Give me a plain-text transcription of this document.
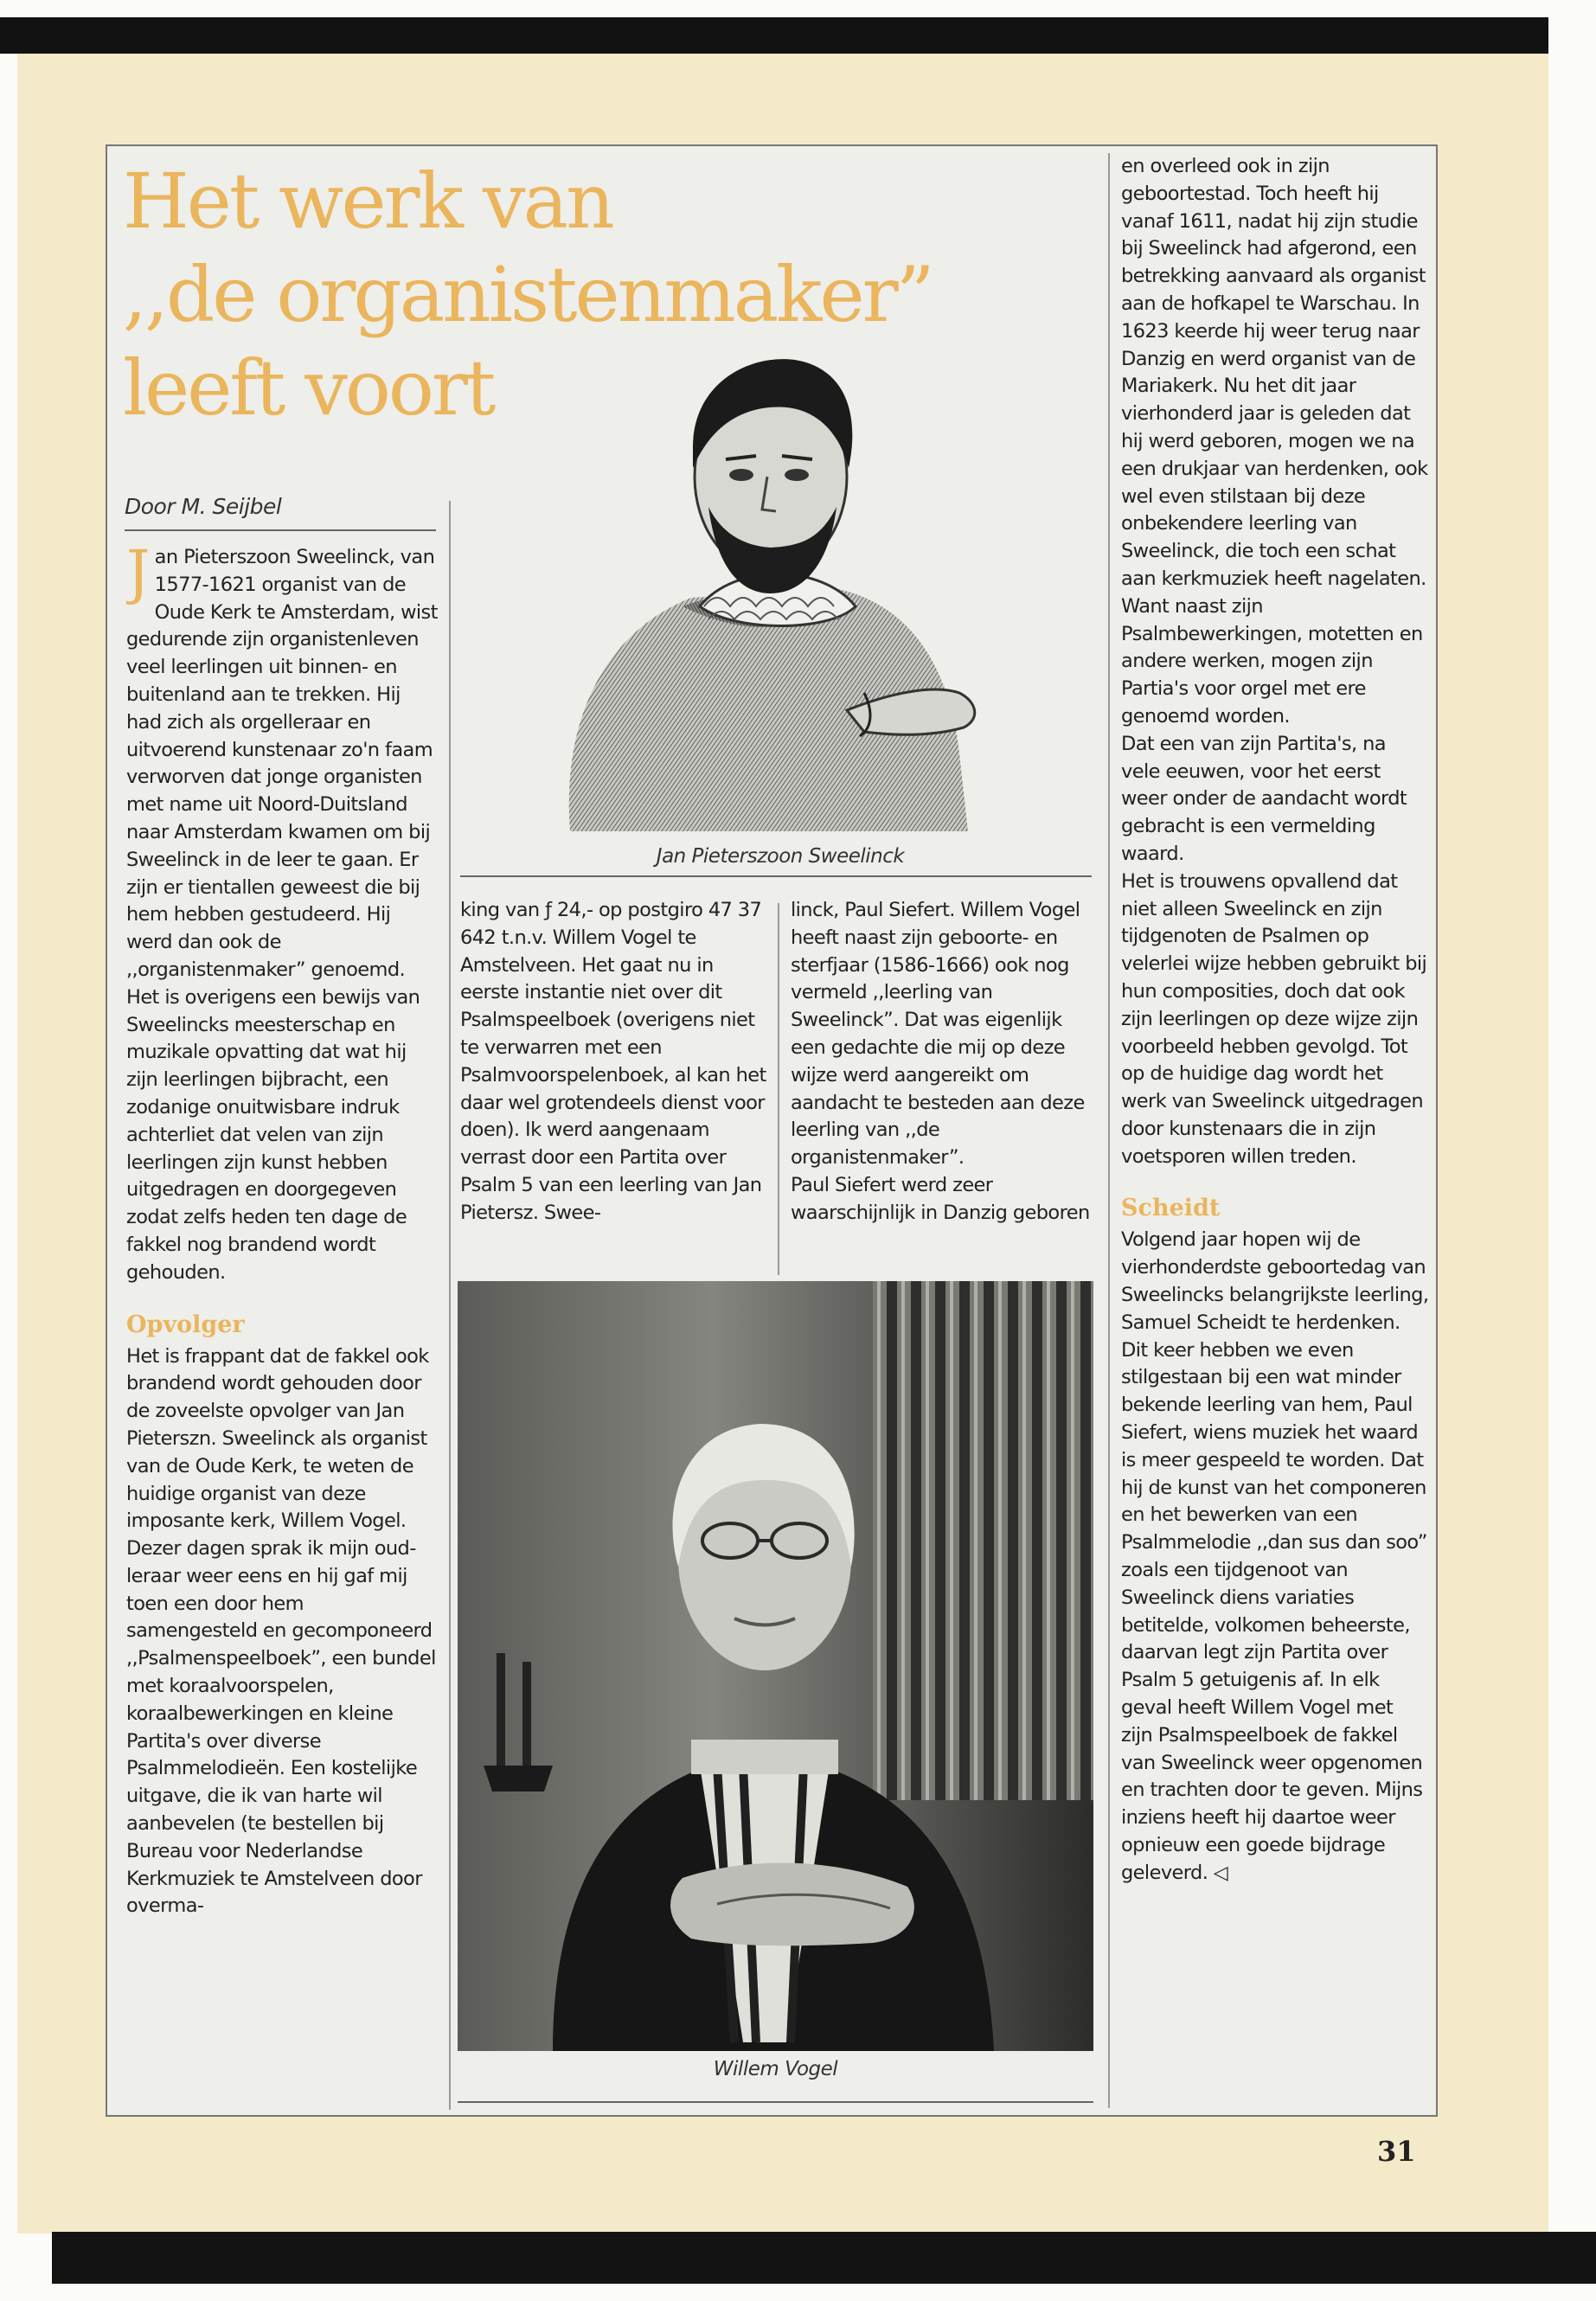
Het werk van
,,de organistenmaker”
leeft voort
Door M. Seijbel

Jan Pieterszoon Sweelinck, van 1577-1621 organist van de Oude Kerk te Amsterdam, wist gedurende zijn organistenleven veel leerlingen uit binnen- en buitenland aan te trekken. Hij had zich als orgelleraar en uitvoerend kunstenaar zo'n faam verworven dat jonge organisten met name uit Noord-Duitsland naar Amsterdam kwamen om bij Sweelinck in de leer te gaan. Er zijn er tientallen geweest die bij hem hebben gestudeerd. Hij werd dan ook de ,,organistenmaker” genoemd. Het is overigens een bewijs van Sweelincks meesterschap en muzikale opvatting dat wat hij zijn leerlingen bijbracht, een zodanige onuitwisbare indruk achterliet dat velen van zijn leerlingen zijn kunst hebben uitgedragen en doorgegeven zodat zelfs heden ten dage de fakkel nog brandend wordt gehouden.

Opvolger

Het is frappant dat de fakkel ook brandend wordt gehouden door de zoveelste opvolger van Jan Pieterszn. Sweelinck als organist van de Oude Kerk, te weten de huidige organist van deze imposante kerk, Willem Vogel. Dezer dagen sprak ik mijn oud-leraar weer eens en hij gaf mij toen een door hem samengesteld en gecomponeerd ,,Psalmenspeelboek”, een bundel met koraalvoorspelen, koraalbewerkingen en kleine Partita's over diverse Psalmmelodieën. Een kostelijke uitgave, die ik van harte wil aanbevelen (te bestellen bij Bureau voor Nederlandse Kerkmuziek te Amstelveen door overma-

Jan Pieterszoon Sweelinck

king van ƒ 24,- op postgiro 47 37 642 t.n.v. Willem Vogel te Amstelveen. Het gaat nu in eerste instantie niet over dit Psalmspeelboek (overigens niet te verwarren met een Psalmvoorspelenboek, al kan het daar wel grotendeels dienst voor doen). Ik werd aangenaam verrast door een Partita over Psalm 5 van een leerling van Jan Pietersz. Swee-

linck, Paul Siefert. Willem Vogel heeft naast zijn geboorte- en sterfjaar (1586-1666) ook nog vermeld ,,leerling van Sweelinck”. Dat was eigenlijk een gedachte die mij op deze wijze werd aangereikt om aandacht te besteden aan deze leerling van ,,de organistenmaker”.

Paul Siefert werd zeer waarschijnlijk in Danzig geboren

Willem Vogel

en overleed ook in zijn geboortestad. Toch heeft hij vanaf 1611, nadat hij zijn studie bij Sweelinck had afgerond, een betrekking aanvaard als organist aan de hofkapel te Warschau. In 1623 keerde hij weer terug naar Danzig en werd organist van de Mariakerk. Nu het dit jaar vierhonderd jaar is geleden dat hij werd geboren, mogen we na een drukjaar van herdenken, ook wel even stilstaan bij deze onbekendere leerling van Sweelinck, die toch een schat aan kerkmuziek heeft nagelaten. Want naast zijn Psalmbewerkingen, motetten en andere werken, mogen zijn Partia's voor orgel met ere genoemd worden.

Dat een van zijn Partita's, na vele eeuwen, voor het eerst weer onder de aandacht wordt gebracht is een vermelding waard.

Het is trouwens opvallend dat niet alleen Sweelinck en zijn tijdgenoten de Psalmen op velerlei wijze hebben gebruikt bij hun composities, doch dat ook zijn leerlingen op deze wijze zijn voorbeeld hebben gevolgd. Tot op de huidige dag wordt het werk van Sweelinck uitgedragen door kunstenaars die in zijn voetsporen willen treden.

Scheidt

Volgend jaar hopen wij de vierhonderdste geboortedag van Sweelincks belangrijkste leerling, Samuel Scheidt te herdenken. Dit keer hebben we even stilgestaan bij een wat minder bekende leerling van hem, Paul Siefert, wiens muziek het waard is meer gespeeld te worden. Dat hij de kunst van het componeren en het bewerken van een Psalmmelodie ,,dan sus dan soo” zoals een tijdgenoot van Sweelinck diens variaties betitelde, volkomen beheerste, daarvan legt zijn Partita over Psalm 5 getuigenis af. In elk geval heeft Willem Vogel met zijn Psalmspeelboek de fakkel van Sweelinck weer opgenomen en trachten door te geven. Mijns inziens heeft hij daartoe weer opnieuw een goede bijdrage geleverd. ◁

31
